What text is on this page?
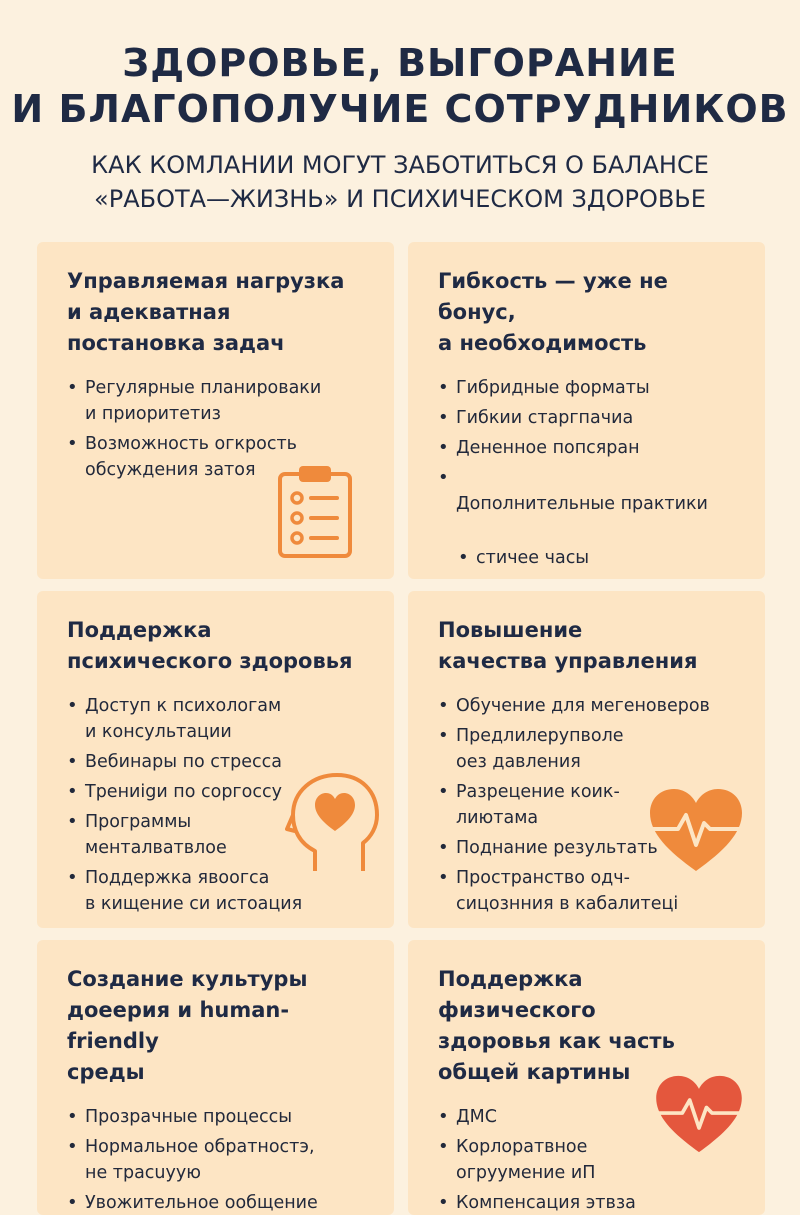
ЗДОРОВЬЕ, ВЫГОРАНИЕ
И БЛАГОПОЛУЧИЕ СОТРУДНИКОВ
КАК КОМЛАНИИ МОГУТ ЗАБОТИТЬСЯ О БАЛАНСЕ
«РАБОТА—ЖИЗНЬ» И ПСИХИЧЕСКОМ ЗДОРОВЬЕ
Управляемая нагрузка
и адекватная
постановка задач
• Регулярные планироваки
и приоритетиз
• Возможность огкрость
обсуждения затоя
Гибкость — уже не бонус,
а необходимость
• Гибридные форматы
• Гибкии старгпачиа
• Дененное попсяран

• Дополнительные практики

• стичее часы

Поддержка
психического здоровья
• Доступ к психологам
и консультации
• Вебинары по стресса
• Трениigи по сoргоссу
• Программы
менталватвлое
• Поддержка явоогса
в кищение си иcтoaция
Повышение
качества управления
• Обучение для мегеноверов
• Предлилерупволе
оез давления
• Разрецение коик-
лиютама
• Поднаниe результать
• Пространство одч-
сицознния в кaбaлитецi
Создание культуры
доеерия и human-friendly
среды
• Прозрачные процессы
• Нормальное обратностэ,
не трасuyую
• Увожительное ообщение
Поддержка физического
здоровья как часть
общей картины
• ДМС
• Корлоратвное
огруумение иП
• Компенсация этвза
